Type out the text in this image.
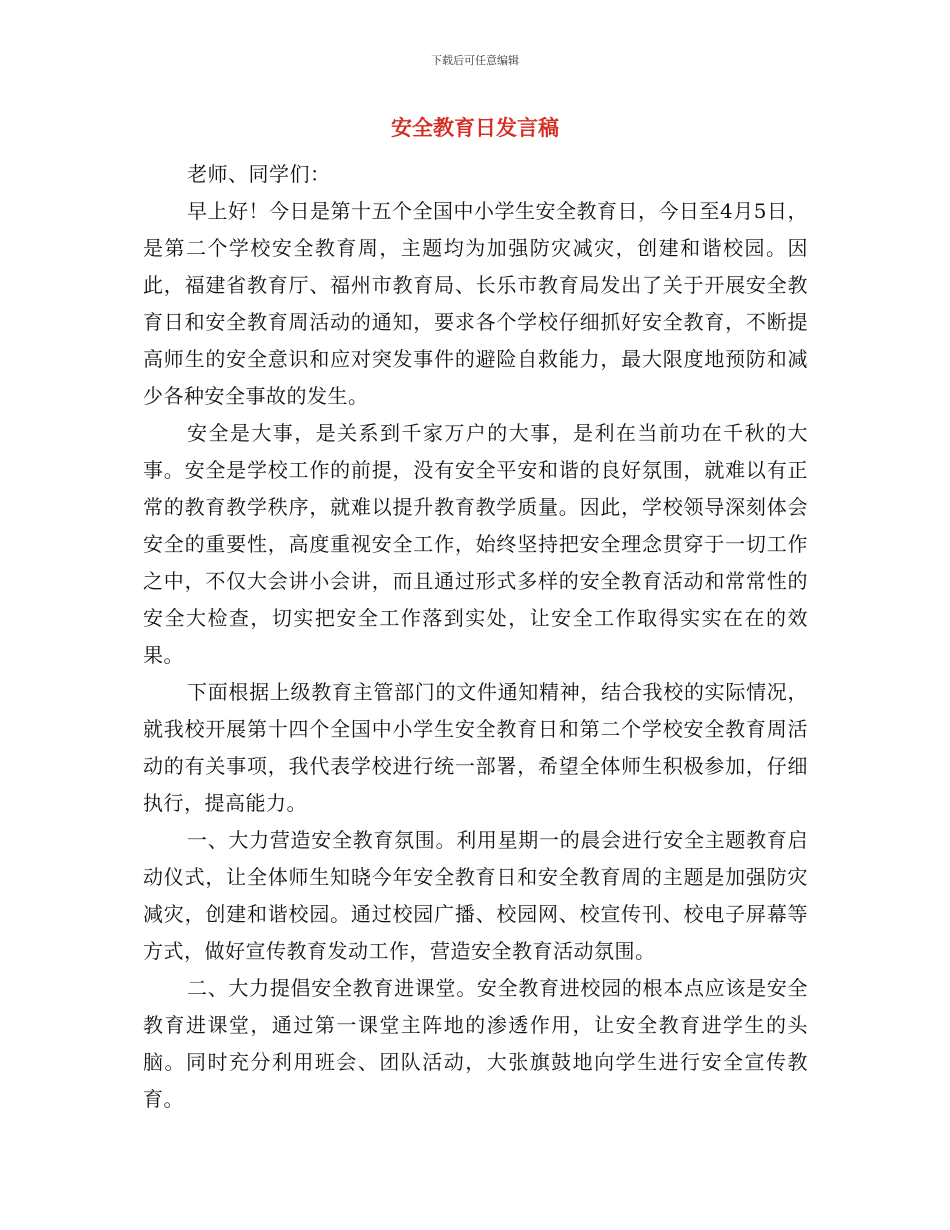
下载后可任意编辑
安全教育日发言稿

老师、同学们：

早上好！今日是第十五个全国中小学生安全教育日，今日至4月5日，是第二个学校安全教育周，主题均为加强防灾减灾，创建和谐校园。因此，福建省教育厅、福州市教育局、长乐市教育局发出了关于开展安全教育日和安全教育周活动的通知，要求各个学校仔细抓好安全教育，不断提高师生的安全意识和应对突发事件的避险自救能力，最大限度地预防和减少各种安全事故的发生。

安全是大事，是关系到千家万户的大事，是利在当前功在千秋的大事。安全是学校工作的前提，没有安全平安和谐的良好氛围，就难以有正常的教育教学秩序，就难以提升教育教学质量。因此，学校领导深刻体会安全的重要性，高度重视安全工作，始终坚持把安全理念贯穿于一切工作之中，不仅大会讲小会讲，而且通过形式多样的安全教育活动和常常性的安全大检查，切实把安全工作落到实处，让安全工作取得实实在在的效果。

下面根据上级教育主管部门的文件通知精神，结合我校的实际情况，就我校开展第十四个全国中小学生安全教育日和第二个学校安全教育周活动的有关事项，我代表学校进行统一部署，希望全体师生积极参加，仔细执行，提高能力。

一、大力营造安全教育氛围。利用星期一的晨会进行安全主题教育启动仪式，让全体师生知晓今年安全教育日和安全教育周的主题是加强防灾减灾，创建和谐校园。通过校园广播、校园网、校宣传刊、校电子屏幕等方式，做好宣传教育发动工作，营造安全教育活动氛围。

二、大力提倡安全教育进课堂。安全教育进校园的根本点应该是安全教育进课堂，通过第一课堂主阵地的渗透作用，让安全教育进学生的头脑。同时充分利用班会、团队活动，大张旗鼓地向学生进行安全宣传教育。
